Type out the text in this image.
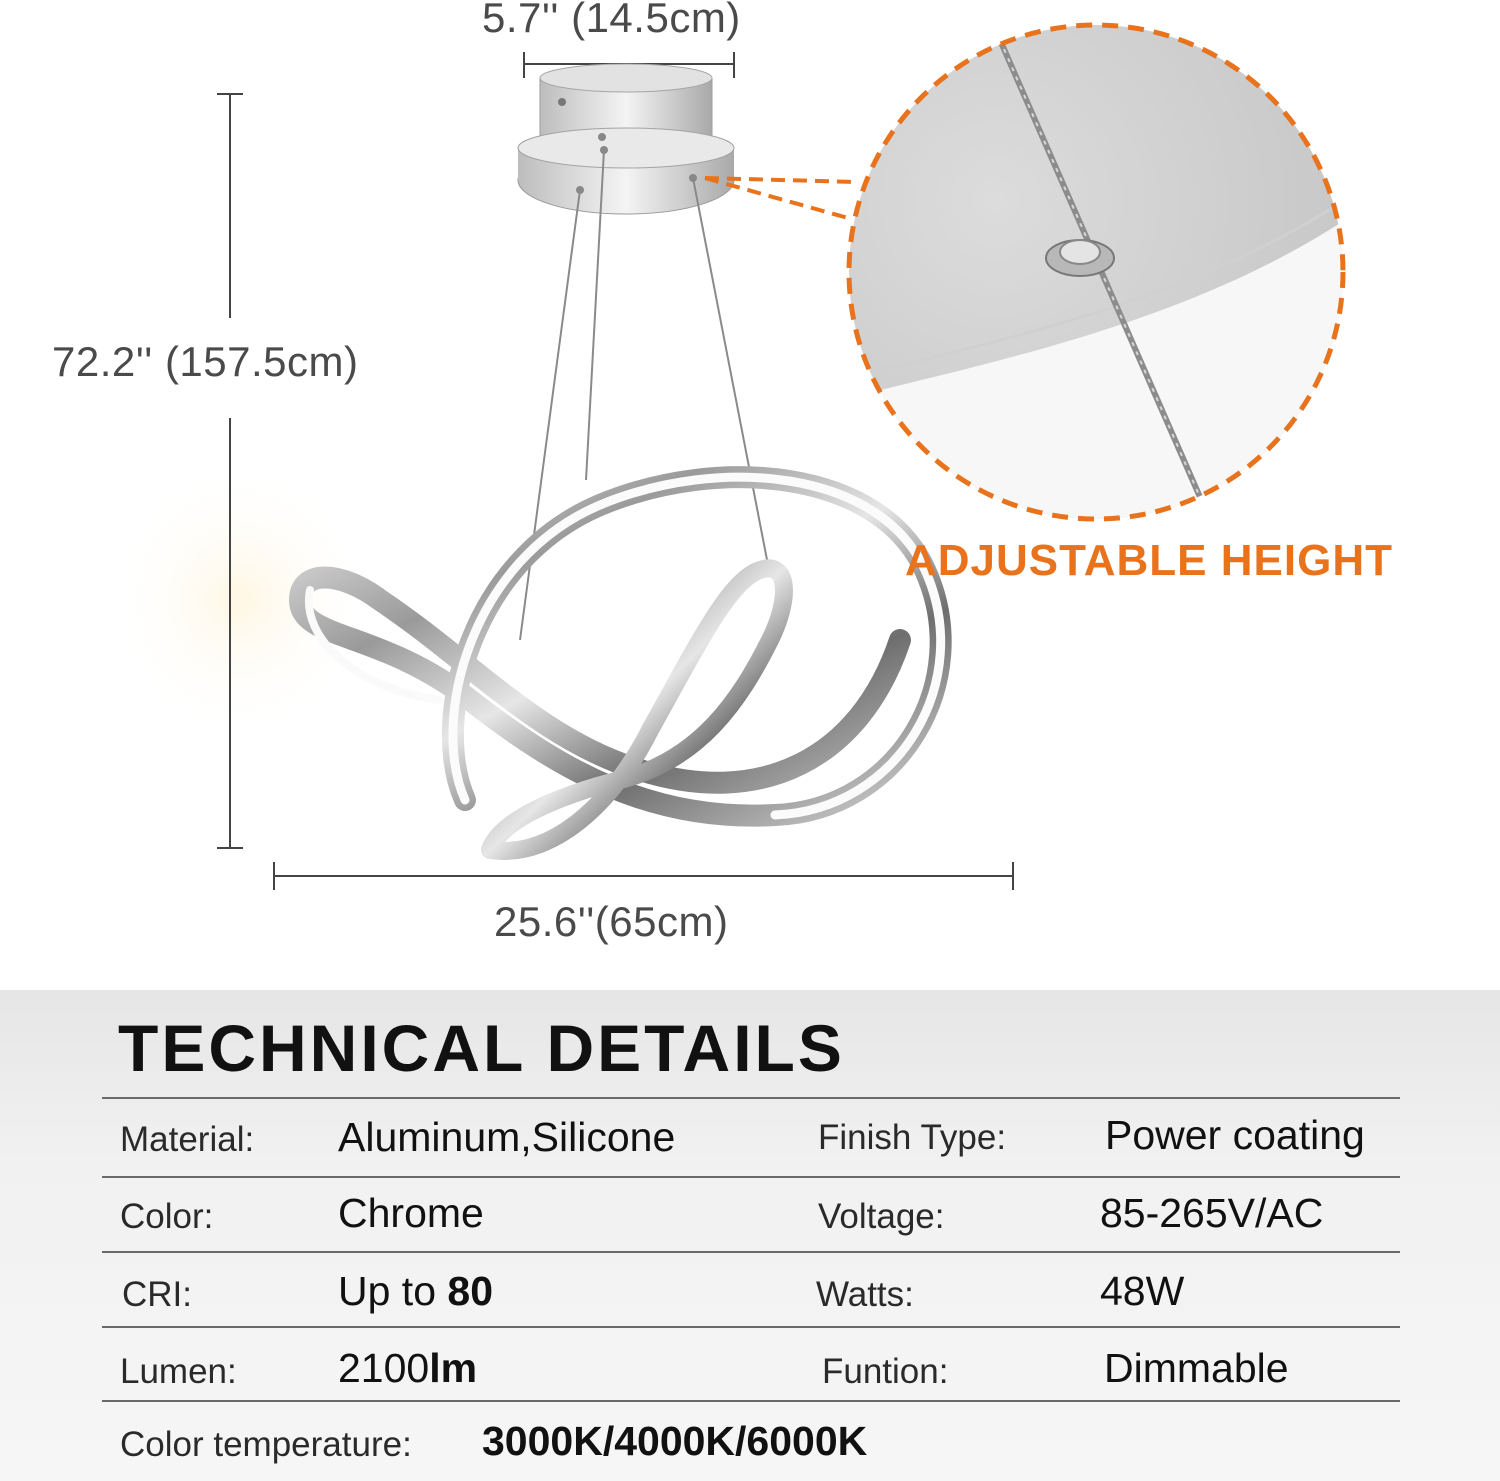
5.7'' (14.5cm)
72.2'' (157.5cm)
25.6''(65cm)
ADJUSTABLE HEIGHT
TECHNICAL DETAILS
Material: Aluminum,Silicone	Finish Type: Power coating
Color:	Chrome	Voltage:	85-265V/AC
CRI:	Up to 80	Watts:	48W
Lumen: 2100lm	Funtion:	Dimmable
Color temperature: 3000K/4000K/6000K
